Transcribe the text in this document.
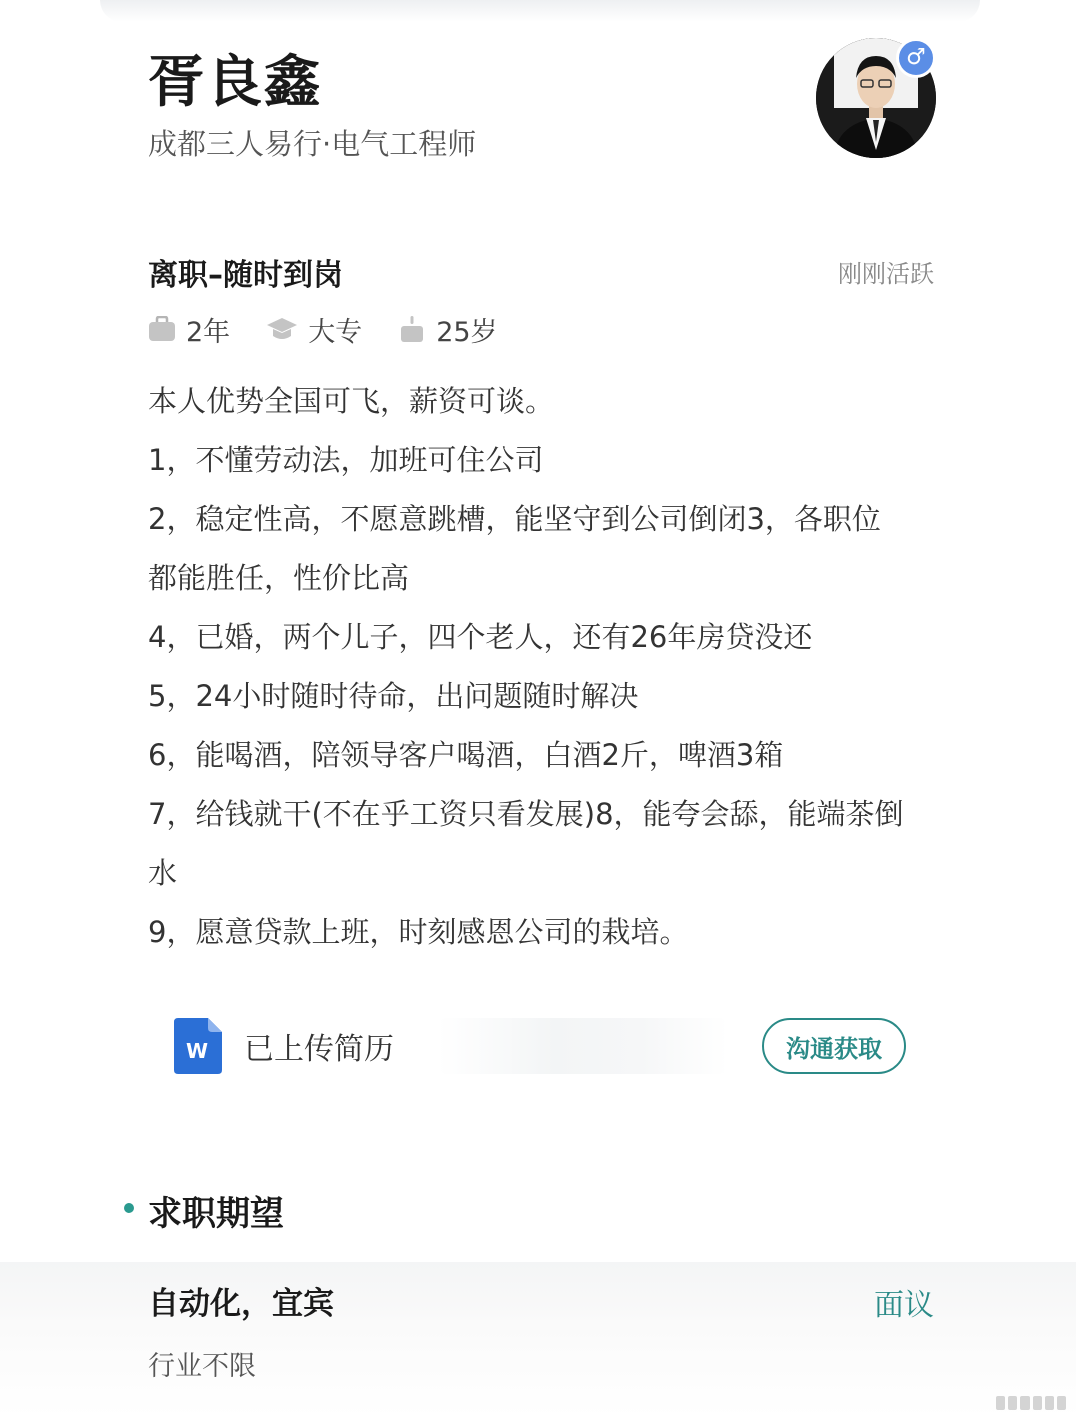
胥良鑫
成都三人易行·电气工程师
♂
离职–随时到岗	刚刚活跃
2年	大专	25岁

本人优势全国可飞，薪资可谈。

1，不懂劳动法，加班可住公司

2，稳定性高，不愿意跳槽，能坚守到公司倒闭3，各职位

都能胜任，性价比高

4，已婚，两个儿子，四个老人，还有26年房贷没还

5，24小时随时待命，出问题随时解决

6，能喝酒，陪领导客户喝酒，白酒2斤，啤酒3箱

7，给钱就干(不在乎工资只看发展)8，能夸会舔，能端茶倒

水

9，愿意贷款上班，时刻感恩公司的栽培。

W 已上传简历	沟通获取
求职期望
自动化，宜宾	面议
行业不限
